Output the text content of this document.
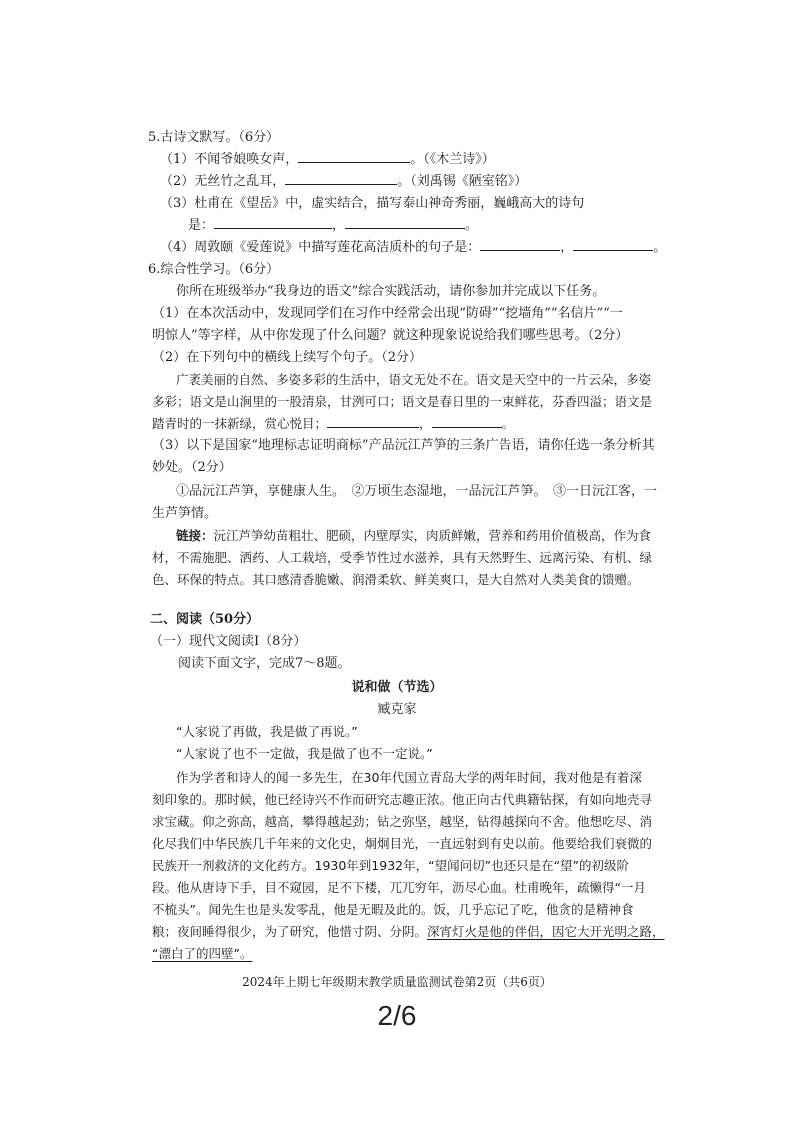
5.古诗文默写。（6分）
（1）不闻爷娘唤女声，	。（《木兰诗》）
（2）无丝竹之乱耳，	。（刘禹锡《陋室铭》）
（3）杜甫在《望岳》中，虚实结合，描写泰山神奇秀丽，巍峨高大的诗句
是：	，	。
（4）周敦颐《爱莲说》中描写莲花高洁质朴的句子是：	，	。
6.综合性学习。（6分）
你所在班级举办“我身边的语文”综合实践活动，请你参加并完成以下任务。
（1）在本次活动中，发现同学们在习作中经常会出现“防碍”“挖墙角”“名信片”“一
明惊人”等字样，从中你发现了什么问题？就这种现象说说给我们哪些思考。（2分）
（2）在下列句中的横线上续写个句子。（2分）
广袤美丽的自然、多姿多彩的生活中，语文无处不在。语文是天空中的一片云朵，多姿
多彩；语文是山涧里的一股清泉，甘洌可口；语文是春日里的一束鲜花，芬香四溢；语文是
踏青时的一抹新绿，赏心悦目；	，	。
（3）以下是国家“地理标志证明商标”产品沅江芦笋的三条广告语，请你任选一条分析其
妙处。（2分）
①品沅江芦笋，享健康人生。　②万顷生态湿地，一品沅江芦笋。　③一日沅江客，一
生芦笋情。
链接：沅江芦笋幼苗粗壮、肥硕，内壁厚实，肉质鲜嫩，营养和药用价值极高，作为食
材，不需施肥、洒药、人工栽培，受季节性过水滋养，具有天然野生、远离污染、有机、绿
色、环保的特点。其口感清香脆嫩、润滑柔软、鲜美爽口，是大自然对人类美食的馈赠。
二、阅读（50分）
（一）现代文阅读Ⅰ（8分）
阅读下面文字，完成7～8题。
说和做（节选）
臧克家
“人家说了再做，我是做了再说。”
“人家说了也不一定做，我是做了也不一定说。”
作为学者和诗人的闻一多先生，在30年代国立青岛大学的两年时间，我对他是有着深
刻印象的。那时候，他已经诗兴不作而研究志趣正浓。他正向古代典籍钻探，有如向地壳寻
求宝藏。仰之弥高，越高，攀得越起劲；钻之弥坚，越坚，钻得越探向不舍。他想吃尽、消
化尽我们中华民族几千年来的文化史，炯炯目光，一直远射到有史以前。他要给我们衰微的
民族开一剂救济的文化药方。1930年到1932年，“望闻问切”也还只是在“望”的初级阶
段。他从唐诗下手，目不窥园，足不下楼，兀兀穷年，沥尽心血。杜甫晚年，疏懒得“一月
不梳头”。闻先生也是头发零乱，他是无暇及此的。饭，几乎忘记了吃，他贪的是精神食
粮；夜间睡得很少，为了研究，他惜寸阴、分阴。深宵灯火是他的伴侣，因它大开光明之路，
“漂白了的四壁”。
2024年上期七年级期末教学质量监测试卷第2页（共6页）
2/6
